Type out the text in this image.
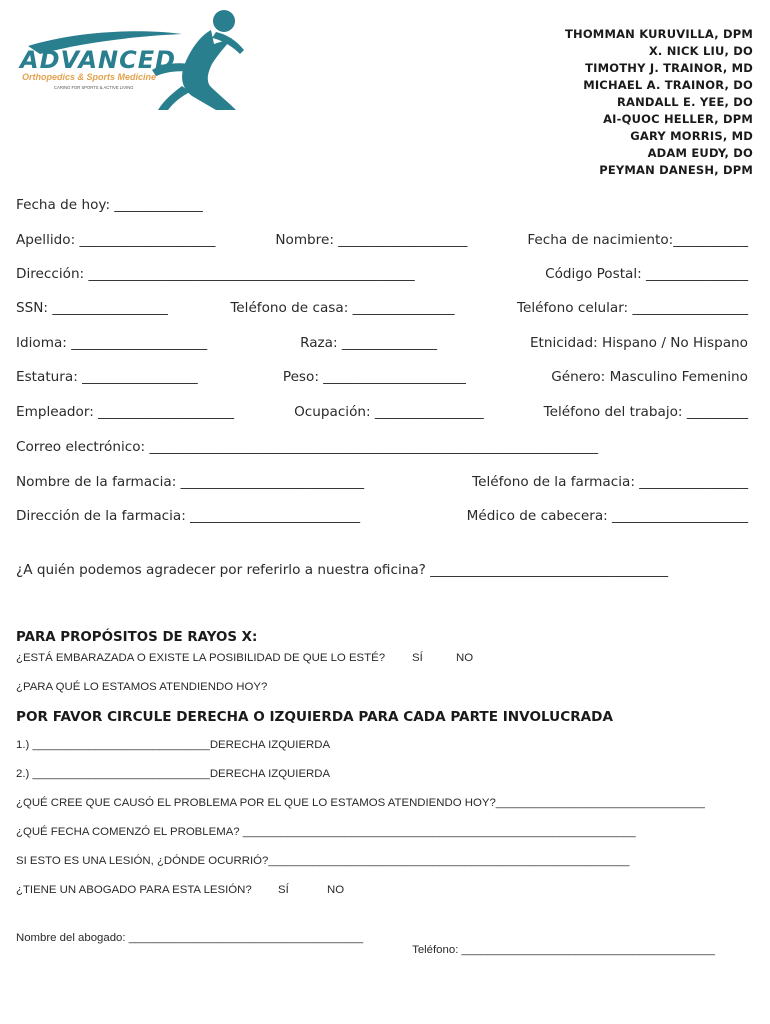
ADVANCED
Orthopedics & Sports Medicine
CARING FOR SPORTS & ACTIVE LIVING
THOMMAN KURUVILLA, DPM
X. NICK LIU, DO
TIMOTHY J. TRAINOR, MD
MICHAEL A. TRAINOR, DO
RANDALL E. YEE, DO
AI-QUOC HELLER, DPM
GARY MORRIS, MD
ADAM EUDY, DO
PEYMAN DANESH, DPM
Fecha de hoy: _____________
Apellido: ____________________	Nombre: ___________________	Fecha de nacimiento:___________
Dirección: ________________________________________________	Código Postal: _______________
SSN: _________________	Teléfono de casa: _______________	Teléfono celular: _________________
Idioma: ____________________	Raza: ______________	Etnicidad: Hispano / No Hispano
Estatura: _________________	Peso: _____________________	Género: Masculino Femenino
Empleador: ____________________	Ocupación: ________________	Teléfono del trabajo: _________
Correo electrónico: __________________________________________________________________
Nombre de la farmacia: ___________________________	Teléfono de la farmacia: ________________
Dirección de la farmacia: _________________________	Médico de cabecera: ____________________
¿A quién podemos agradecer por referirlo a nuestra oficina? ___________________________________
PARA PROPÓSITOS DE RAYOS X:
¿ESTÁ EMBARAZADA O EXISTE LA POSIBILIDAD DE QUE LO ESTÉ? SÍ	NO
¿PARA QUÉ LO ESTAMOS ATENDIENDO HOY?
POR FAVOR CIRCULE DERECHA O IZQUIERDA PARA CADA PARTE INVOLUCRADA
1.) ____________________________DERECHA IZQUIERDA
2.) ____________________________DERECHA IZQUIERDA
¿QUÉ CREE QUE CAUSÓ EL PROBLEMA POR EL QUE LO ESTAMOS ATENDIENDO HOY?_________________________________
¿QUÉ FECHA COMENZÓ EL PROBLEMA? ______________________________________________________________
SI ESTO ES UNA LESIÓN, ¿DÓNDE OCURRIÓ?_________________________________________________________
¿TIENE UN ABOGADO PARA ESTA LESIÓN? SÍ	NO
Nombre del abogado: _____________________________________

Teléfono: ________________________________________
